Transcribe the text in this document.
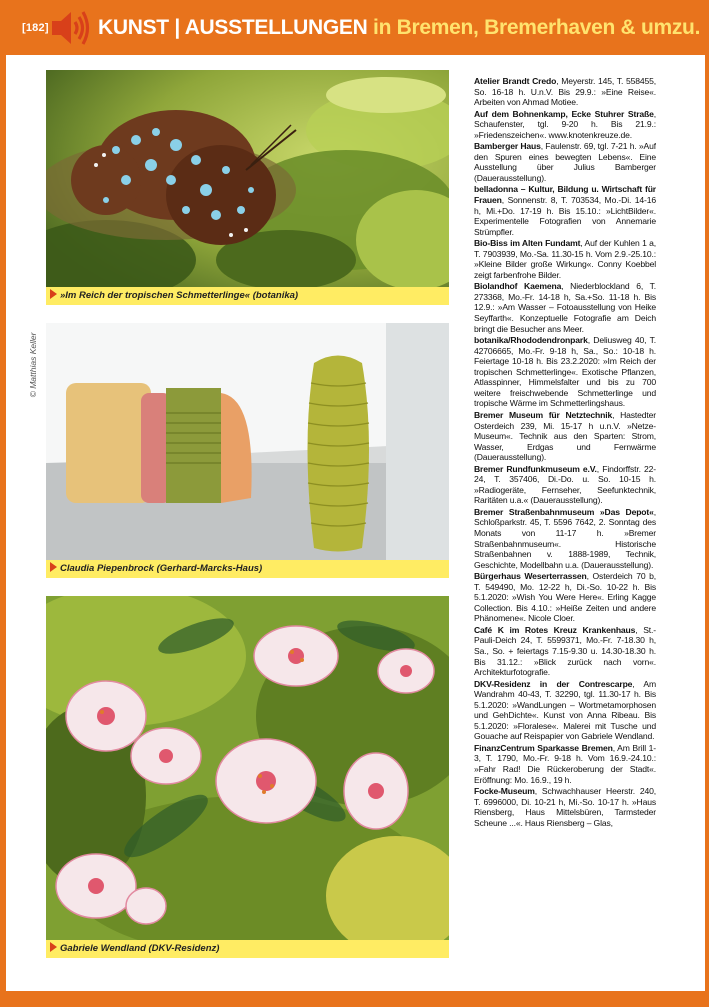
[182] KUNST | AUSSTELLUNGEN in Bremen, Bremerhaven & umzu.
© Matthias Keller
»Im Reich der tropischen Schmetterlinge« (botanika)
Claudia Piepenbrock (Gerhard-Marcks-Haus)
Gabriele Wendland (DKV-Residenz)

Atelier Brandt Credo, Meyerstr. 145, T. 558455, So. 16-18 h. U.n.V. Bis 29.9.: »Eine Reise«. Arbeiten von Ahmad Motiee.

Auf dem Bohnenkamp, Ecke Stuhrer Straße, Schaufenster, tgl. 9-20 h. Bis 21.9.: »Friedenszeichen«. www.knotenkreuze.de.

Bamberger Haus, Faulenstr. 69, tgl. 7-21 h. »Auf den Spuren eines bewegten Lebens«. Eine Ausstellung über Julius Bamberger (Dauerausstellung).

belladonna – Kultur, Bildung u. Wirtschaft für Frauen, Sonnenstr. 8, T. 703534, Mo.-Di. 14-16 h, Mi.+Do. 17-19 h. Bis 15.10.: »LichtBilder«. Experimentelle Fotografien von Annemarie Strümpfler.

Bio-Biss im Alten Fundamt, Auf der Kuhlen 1 a, T. 7903939, Mo.-Sa. 11.30-15 h. Vom 2.9.-25.10.: »Kleine Bilder große Wirkung«. Conny Koebbel zeigt farbenfrohe Bilder.

Biolandhof Kaemena, Niederblockland 6, T. 273368, Mo.-Fr. 14-18 h, Sa.+So. 11-18 h. Bis 12.9.: »Am Wasser – Fotoausstellung von Heike Seyffarth«. Konzeptuelle Fotografie am Deich bringt die Besucher ans Meer.

botanika/Rhododendronpark, Deliusweg 40, T. 42706665, Mo.-Fr. 9-18 h, Sa., So.: 10-18 h. Feiertage 10-18 h. Bis 23.2.2020: »Im Reich der tropischen Schmetterlinge«. Exotische Pflanzen, Atlasspinner, Himmelsfalter und bis zu 700 weitere freischwebende Schmetterlinge und tropische Wärme im Schmetterlingshaus.

Bremer Museum für Netztechnik, Hastedter Osterdeich 239, Mi. 15-17 h u.n.V. »Netze-Museum«. Technik aus den Sparten: Strom, Wasser, Erdgas und Fernwärme (Dauerausstellung).

Bremer Rundfunkmuseum e.V., Findorffstr. 22-24, T. 357406, Di.-Do. u. So. 10-15 h. »Radiogeräte, Fernseher, Seefunktechnik, Raritäten u.a.« (Dauerausstellung).

Bremer Straßenbahnmuseum »Das Depot«, Schloßparkstr. 45, T. 5596 7642, 2. Sonntag des Monats von 11-17 h. »Bremer Straßenbahnmuseum«. Historische Straßenbahnen v. 1888-1989, Technik, Geschichte, Modellbahn u.a. (Dauerausstellung).

Bürgerhaus Weserterrassen, Osterdeich 70 b, T. 549490, Mo. 12-22 h, Di.-So. 10-22 h. Bis 5.1.2020: »Wish You Were Here«. Erling Kagge Collection. Bis 4.10.: »Heiße Zeiten und andere Phänomene«. Nicole Cloer.

Café K im Rotes Kreuz Krankenhaus, St.-Pauli-Deich 24, T. 5599371, Mo.-Fr. 7-18.30 h, Sa., So. + feiertags 7.15-9.30 u. 14.30-18.30 h. Bis 31.12.: »Blick zurück nach vorn«. Architekturfotografie.

DKV-Residenz in der Contrescarpe, Am Wandrahm 40-43, T. 32290, tgl. 11.30-17 h. Bis 5.1.2020: »WandLungen – Wortmetamorphosen und GehDichte«. Kunst von Anna Ribeau. Bis 5.1.2020: »Floralese«. Malerei mit Tusche und Gouache auf Reispapier von Gabriele Wendland.

FinanzCentrum Sparkasse Bremen, Am Brill 1-3, T. 1790, Mo.-Fr. 9-18 h. Vom 16.9.-24.10.: »Fahr Rad! Die Rückeroberung der Stadt«. Eröffnung: Mo. 16.9., 19 h.

Focke-Museum, Schwachhauser Heerstr. 240, T. 6996000, Di. 10-21 h, Mi.-So. 10-17 h. »Haus Riensberg, Haus Mittelsbüren, Tarmsteder Scheune ...«. Haus Riensberg – Glas,
